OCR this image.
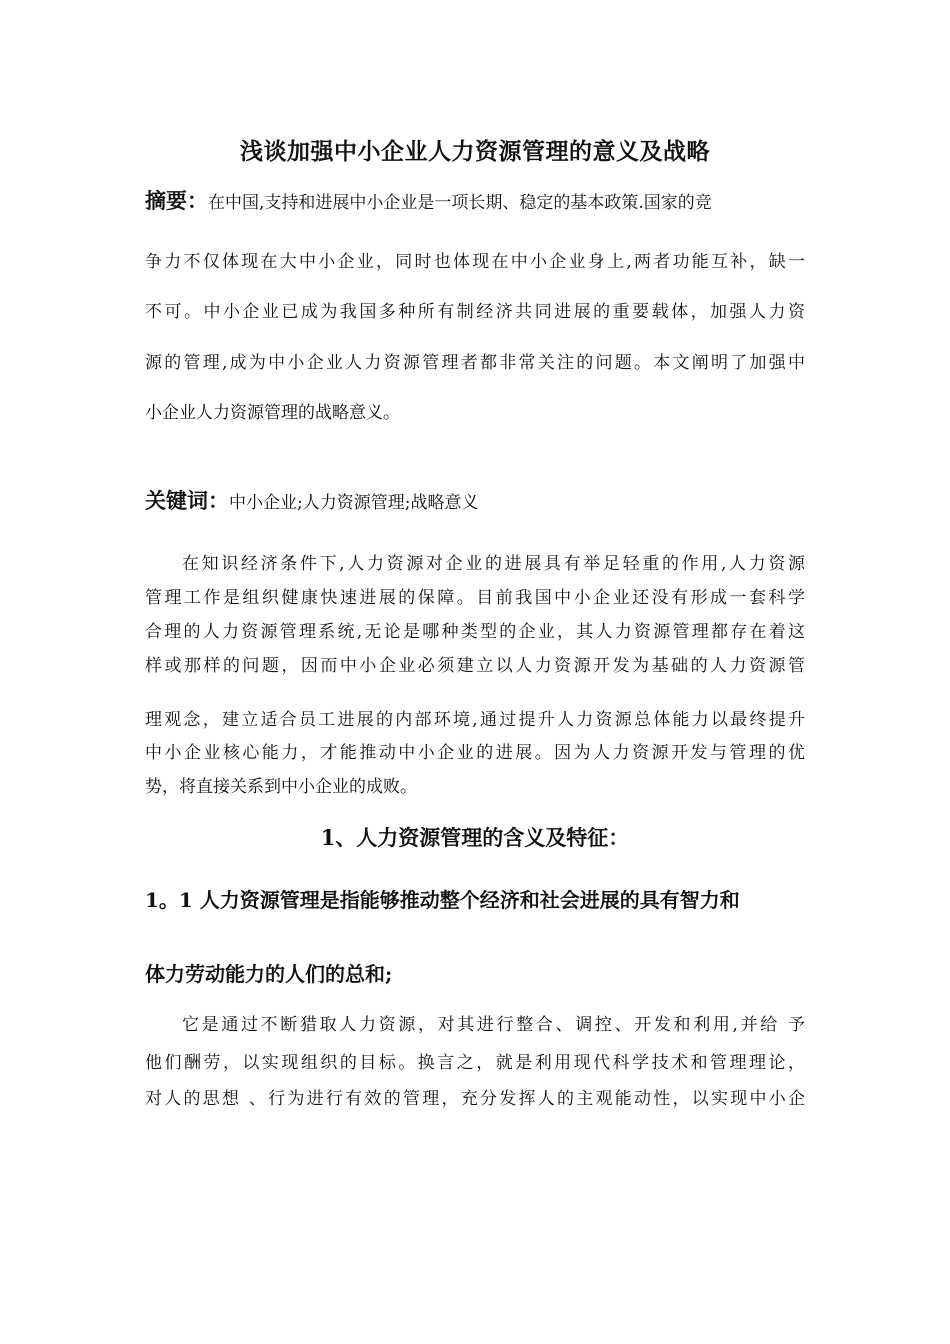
浅谈加强中小企业人力资源管理的意义及战略
摘要：在中国,支持和进展中小企业是一项长期、稳定的基本政策.国家的竞

争力不仅体现在大中小企业，同时也体现在中小企业身上,两者功能互补，缺一

不可。中小企业已成为我国多种所有制经济共同进展的重要载体，加强人力资

源的管理,成为中小企业人力资源管理者都非常关注的问题。本文阐明了加强中

小企业人力资源管理的战略意义。

关键词：中小企业;人力资源管理;战略意义

在知识经济条件下,人力资源对企业的进展具有举足轻重的作用,人力资源

管理工作是组织健康快速进展的保障。目前我国中小企业还没有形成一套科学

合理的人力资源管理系统,无论是哪种类型的企业，其人力资源管理都存在着这

样或那样的问题，因而中小企业必须建立以人力资源开发为基础的人力资源管

理观念，建立适合员工进展的内部环境,通过提升人力资源总体能力以最终提升

中小企业核心能力，才能推动中小企业的进展。因为人力资源开发与管理的优

势，将直接关系到中小企业的成败。

1、人力资源管理的含义及特征：

1。1 人力资源管理是指能够推动整个经济和社会进展的具有智力和

体力劳动能力的人们的总和;

它是通过不断猎取人力资源，对其进行整合、调控、开发和利用,并给 予

他们酬劳，以实现组织的目标。换言之，就是利用现代科学技术和管理理论，

对人的思想 、行为进行有效的管理，充分发挥人的主观能动性，以实现中小企
